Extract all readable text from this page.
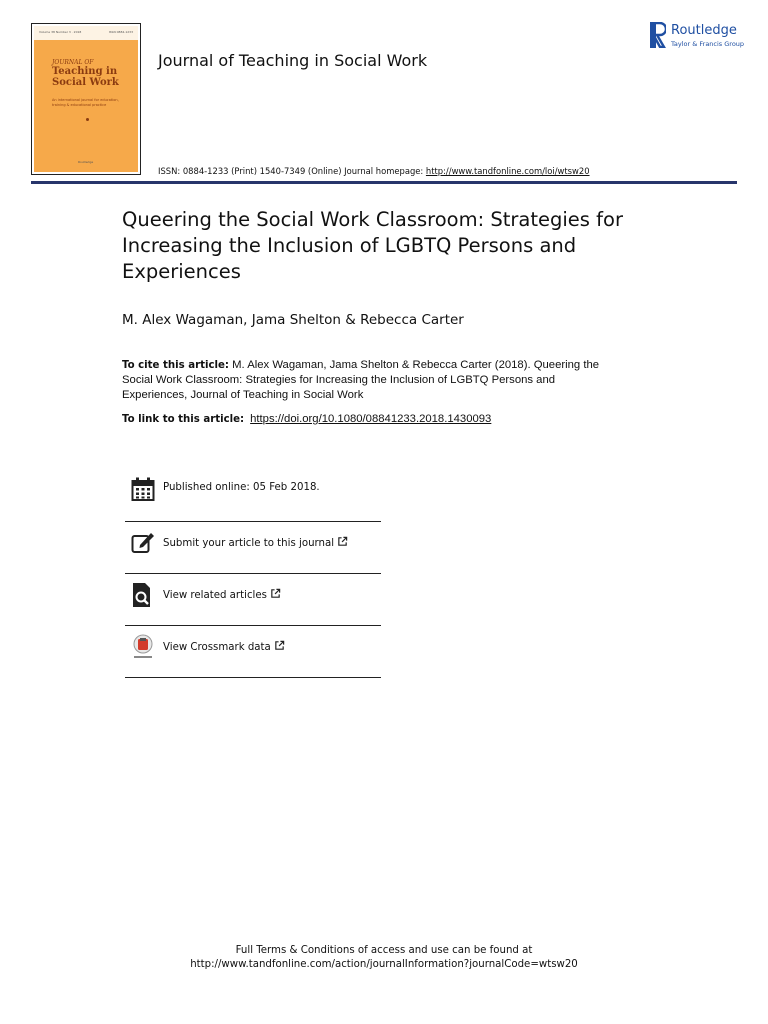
Volume 38 Number 3 · 2018	ISSN 0884-1233
JOURNAL OF
Teaching in Social Work
An international journal for education, training & educational practice
Routledge
Journal of Teaching in Social Work
Routledge
Taylor & Francis Group
ISSN: 0884-1233 (Print) 1540-7349 (Online) Journal homepage: http://www.tandfonline.com/loi/wtsw20
Queering the Social Work Classroom: Strategies for Increasing the Inclusion of LGBTQ Persons and Experiences
M. Alex Wagaman, Jama Shelton & Rebecca Carter
To cite this article: M. Alex Wagaman, Jama Shelton & Rebecca Carter (2018). Queering the Social Work Classroom: Strategies for Increasing the Inclusion of LGBTQ Persons and Experiences, Journal of Teaching in Social Work
To link to this article: https://doi.org/10.1080/08841233.2018.1430093
Published online: 05 Feb 2018.
Submit your article to this journal
View related articles
View Crossmark data
Full Terms & Conditions of access and use can be found at
http://www.tandfonline.com/action/journalInformation?journalCode=wtsw20
